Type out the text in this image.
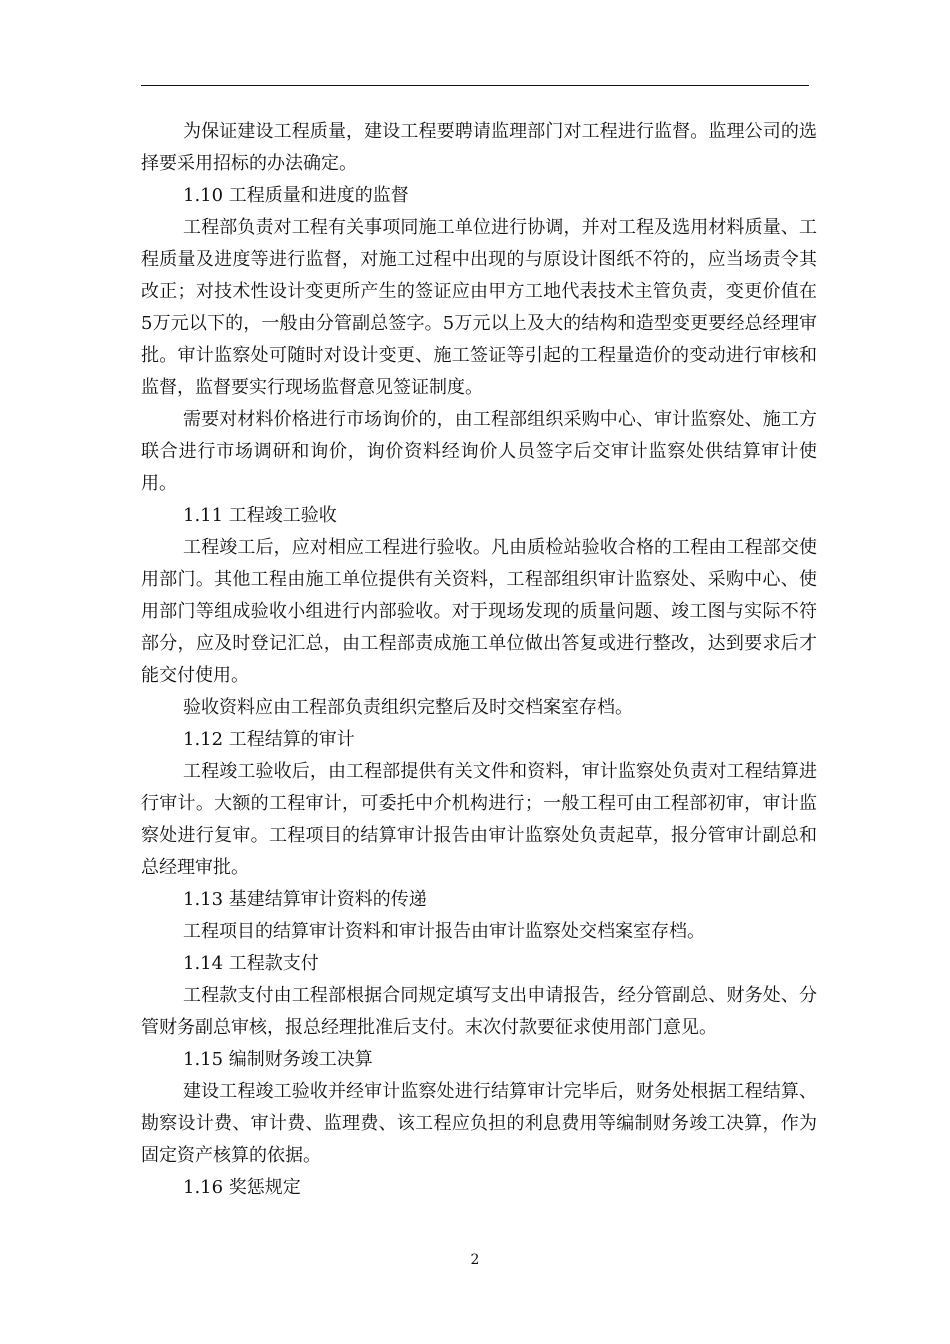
为保证建设工程质量，建设工程要聘请监理部门对工程进行监督。监理公司的选择要采用招标的办法确定。

1.10 工程质量和进度的监督

工程部负责对工程有关事项同施工单位进行协调，并对工程及选用材料质量、工程质量及进度等进行监督，对施工过程中出现的与原设计图纸不符的，应当场责令其改正；对技术性设计变更所产生的签证应由甲方工地代表技术主管负责，变更价值在5万元以下的，一般由分管副总签字。5万元以上及大的结构和造型变更要经总经理审批。审计监察处可随时对设计变更、施工签证等引起的工程量造价的变动进行审核和监督，监督要实行现场监督意见签证制度。

需要对材料价格进行市场询价的，由工程部组织采购中心、审计监察处、施工方联合进行市场调研和询价，询价资料经询价人员签字后交审计监察处供结算审计使用。

1.11 工程竣工验收

工程竣工后，应对相应工程进行验收。凡由质检站验收合格的工程由工程部交使用部门。其他工程由施工单位提供有关资料，工程部组织审计监察处、采购中心、使用部门等组成验收小组进行内部验收。对于现场发现的质量问题、竣工图与实际不符部分，应及时登记汇总，由工程部责成施工单位做出答复或进行整改，达到要求后才能交付使用。

验收资料应由工程部负责组织完整后及时交档案室存档。

1.12 工程结算的审计

工程竣工验收后，由工程部提供有关文件和资料，审计监察处负责对工程结算进行审计。大额的工程审计，可委托中介机构进行；一般工程可由工程部初审，审计监察处进行复审。工程项目的结算审计报告由审计监察处负责起草，报分管审计副总和总经理审批。

1.13 基建结算审计资料的传递

工程项目的结算审计资料和审计报告由审计监察处交档案室存档。

1.14 工程款支付

工程款支付由工程部根据合同规定填写支出申请报告，经分管副总、财务处、分管财务副总审核，报总经理批准后支付。末次付款要征求使用部门意见。

1.15 编制财务竣工决算

建设工程竣工验收并经审计监察处进行结算审计完毕后，财务处根据工程结算、勘察设计费、审计费、监理费、该工程应负担的利息费用等编制财务竣工决算，作为固定资产核算的依据。

1.16 奖惩规定

2
